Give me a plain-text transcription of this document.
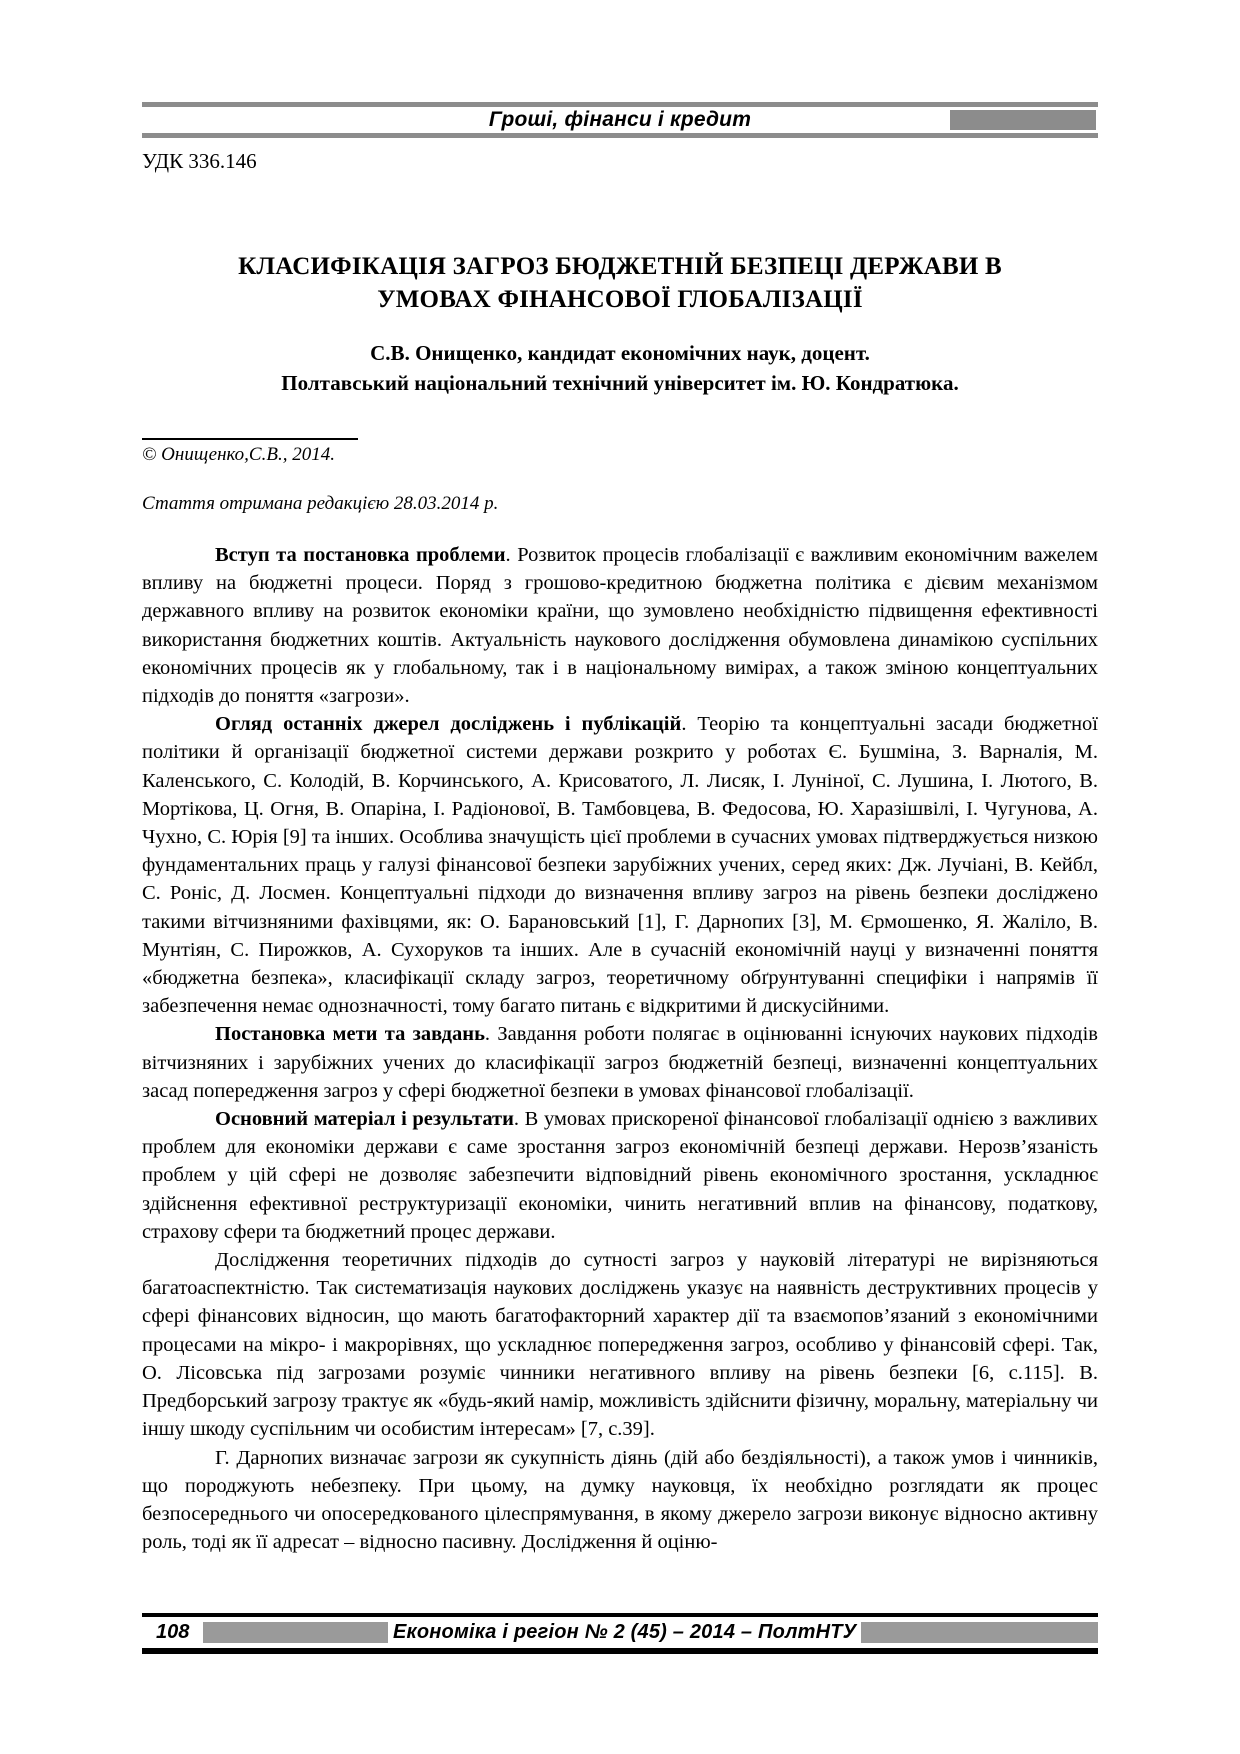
Гроші, фінанси і кредит
УДК 336.146
КЛАСИФІКАЦІЯ ЗАГРОЗ БЮДЖЕТНІЙ БЕЗПЕЦІ ДЕРЖАВИ В УМОВАХ ФІНАНСОВОЇ ГЛОБАЛІЗАЦІЇ
С.В. Онищенко, кандидат економічних наук, доцент.
Полтавський національний технічний університет ім. Ю. Кондратюка.
© Онищенко,С.В., 2014.
Стаття отримана редакцією 28.03.2014 р.

Вступ та постановка проблеми. Розвиток процесів глобалізації є важливим економічним важелем впливу на бюджетні процеси. Поряд з грошово-кредитною бюджетна політика є дієвим механізмом державного впливу на розвиток економіки країни, що зумовлено необхідністю підвищення ефективності використання бюджетних коштів. Актуальність наукового дослідження обумовлена динамікою суспільних економічних процесів як у глобальному, так і в національному вимірах, а також зміною концептуальних підходів до поняття «загрози».

Огляд останніх джерел досліджень і публікацій. Теорію та концептуальні засади бюджетної політики й організації бюджетної системи держави розкрито у роботах Є. Бушміна, З. Варналія, М. Каленського, С. Колодій, В. Корчинського, А. Крисоватого, Л. Лисяк, І. Луніної, С. Лушина, І. Лютого, В. Мортікова, Ц. Огня, В. Опаріна, І. Радіонової, В. Тамбовцева, В. Федосова, Ю. Харазішвілі, І. Чугунова, А. Чухно, С. Юрія [9] та інших. Особлива значущість цієї проблеми в сучасних умовах підтверджується низкою фундаментальних праць у галузі фінансової безпеки зарубіжних учених, серед яких: Дж. Лучіані, В. Кейбл, С. Роніс, Д. Лосмен. Концептуальні підходи до визначення впливу загроз на рівень безпеки досліджено такими вітчизняними фахівцями, як: О. Барановський [1], Г. Дарнопих [3], М. Єрмошенко, Я. Жаліло, В. Мунтіян, С. Пирожков, А. Сухоруков та інших. Але в сучасній економічній науці у визначенні поняття «бюджетна безпека», класифікації складу загроз, теоретичному обґрунтуванні специфіки і напрямів її забезпечення немає однозначності, тому багато питань є відкритими й дискусійними.

Постановка мети та завдань. Завдання роботи полягає в оцінюванні існуючих наукових підходів вітчизняних і зарубіжних учених до класифікації загроз бюджетній безпеці, визначенні концептуальних засад попередження загроз у сфері бюджетної безпеки в умовах фінансової глобалізації.

Основний матеріал і результати. В умовах прискореної фінансової глобалізації однією з важливих проблем для економіки держави є саме зростання загроз економічній безпеці держави. Нерозв’язаність проблем у цій сфері не дозволяє забезпечити відповідний рівень економічного зростання, ускладнює здійснення ефективної реструктуризації економіки, чинить негативний вплив на фінансову, податкову, страхову сфери та бюджетний процес держави.

Дослідження теоретичних підходів до сутності загроз у науковій літературі не вирізняються багатоаспектністю. Так систематизація наукових досліджень указує на наявність деструктивних процесів у сфері фінансових відносин, що мають багатофакторний характер дії та взаємопов’язаний з економічними процесами на мікро- і макрорівнях, що ускладнює попередження загроз, особливо у фінансовій сфері. Так, О. Лісовська під загрозами розуміє чинники негативного впливу на рівень безпеки [6, с.115]. В. Предборський загрозу трактує як «будь-який намір, можливість здійснити фізичну, моральну, матеріальну чи іншу шкоду суспільним чи особистим інтересам» [7, с.39].

Г. Дарнопих визначає загрози як сукупність діянь (дій або бездіяльності), а також умов і чинників, що породжують небезпеку. При цьому, на думку науковця, їх необхідно розглядати як процес безпосереднього чи опосередкованого цілеспрямування, в якому джерело загрози виконує відносно активну роль, тоді як її адресат – відносно пасивну. Дослідження й оціню-

108	Економіка і регіон № 2 (45) – 2014 – ПолтНТУ
